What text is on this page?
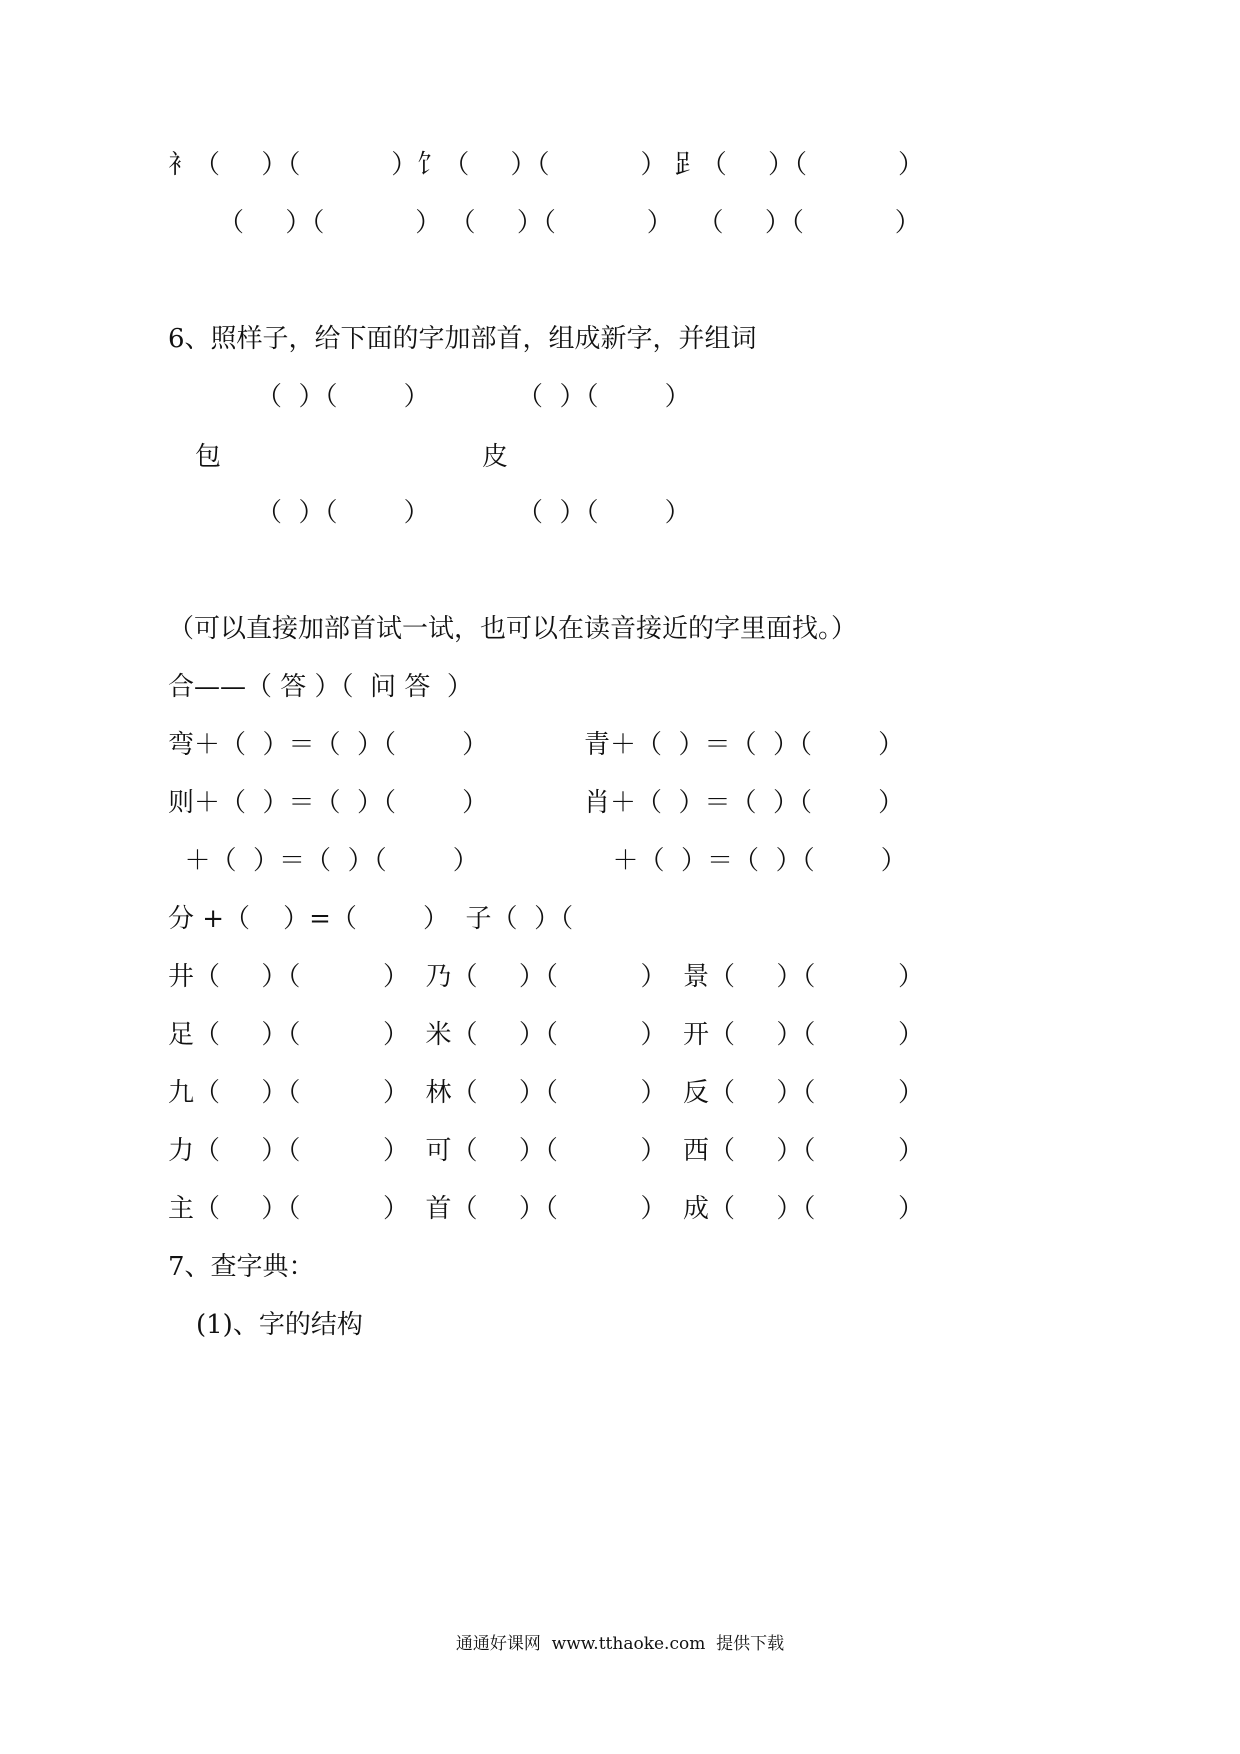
衤（     ）（           ）饣（     ）（           ） 𧾷（     ）（           ）
（     ）（           ） （     ）（           ）   （     ）（           ）
6、照样子，给下面的字加部首，组成新字，并组词
（  ）（        ）	（  ）（        ）
包	皮
（  ）（        ）	（  ）（        ）
（可以直接加部首试一试，也可以在读音接近的字里面找。）
合——（ 答 ）（  问 答  ）
弯＋（  ）＝（  ）（        ）	青＋（  ）＝（  ）（        ）
则＋（  ）＝（  ）（        ）	肖＋（  ）＝（  ）（        ）
＋（  ）＝（  ）（        ）	＋（  ）＝（  ）（        ）
分 +（    ）=（        ）  子（  ）（
井（     ）（          ）  乃（     ）（          ）  景（     ）（          ）
足（     ）（          ）  米（     ）（          ）  开（     ）（          ）
九（     ）（          ）  林（     ）（          ）  反（     ）（          ）
力（     ）（          ）  可（     ）（          ）  西（     ）（          ）
主（     ）（          ）  首（     ）（          ）  成（     ）（          ）
7、查字典：
(1)、字的结构
通通好课网  www.tthaoke.com  提供下载
